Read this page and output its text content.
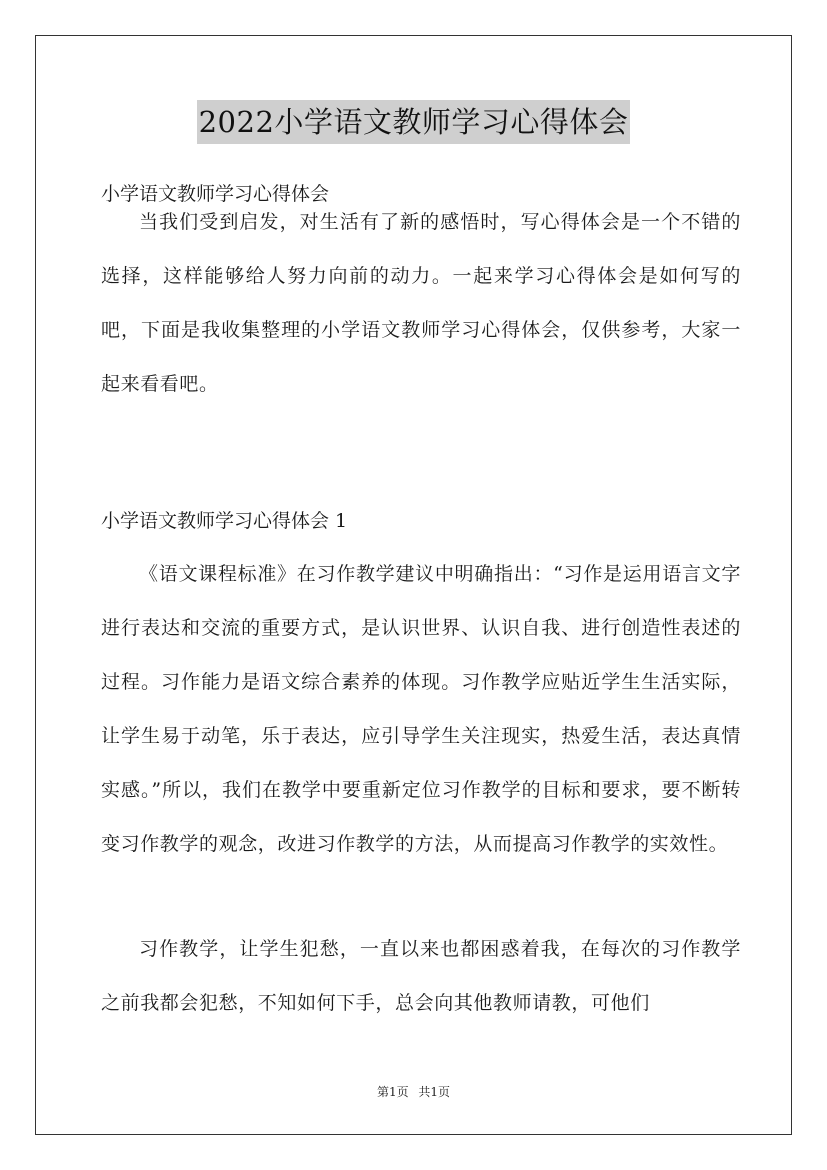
2022小学语文教师学习心得体会
小学语文教师学习心得体会

当我们受到启发，对生活有了新的感悟时，写心得体会是一个不错的选择，这样能够给人努力向前的动力。一起来学习心得体会是如何写的吧，下面是我收集整理的小学语文教师学习心得体会，仅供参考，大家一起来看看吧。

小学语文教师学习心得体会 1

《语文课程标准》在习作教学建议中明确指出：“习作是运用语言文字进行表达和交流的重要方式，是认识世界、认识自我、进行创造性表述的过程。习作能力是语文综合素养的体现。习作教学应贴近学生生活实际，让学生易于动笔，乐于表达，应引导学生关注现实，热爱生活，表达真情实感。”所以，我们在教学中要重新定位习作教学的目标和要求，要不断转变习作教学的观念，改进习作教学的方法，从而提高习作教学的实效性。

习作教学，让学生犯愁，一直以来也都困惑着我，在每次的习作教学之前我都会犯愁，不知如何下手，总会向其他教师请教，可他们

第1页 共1页
